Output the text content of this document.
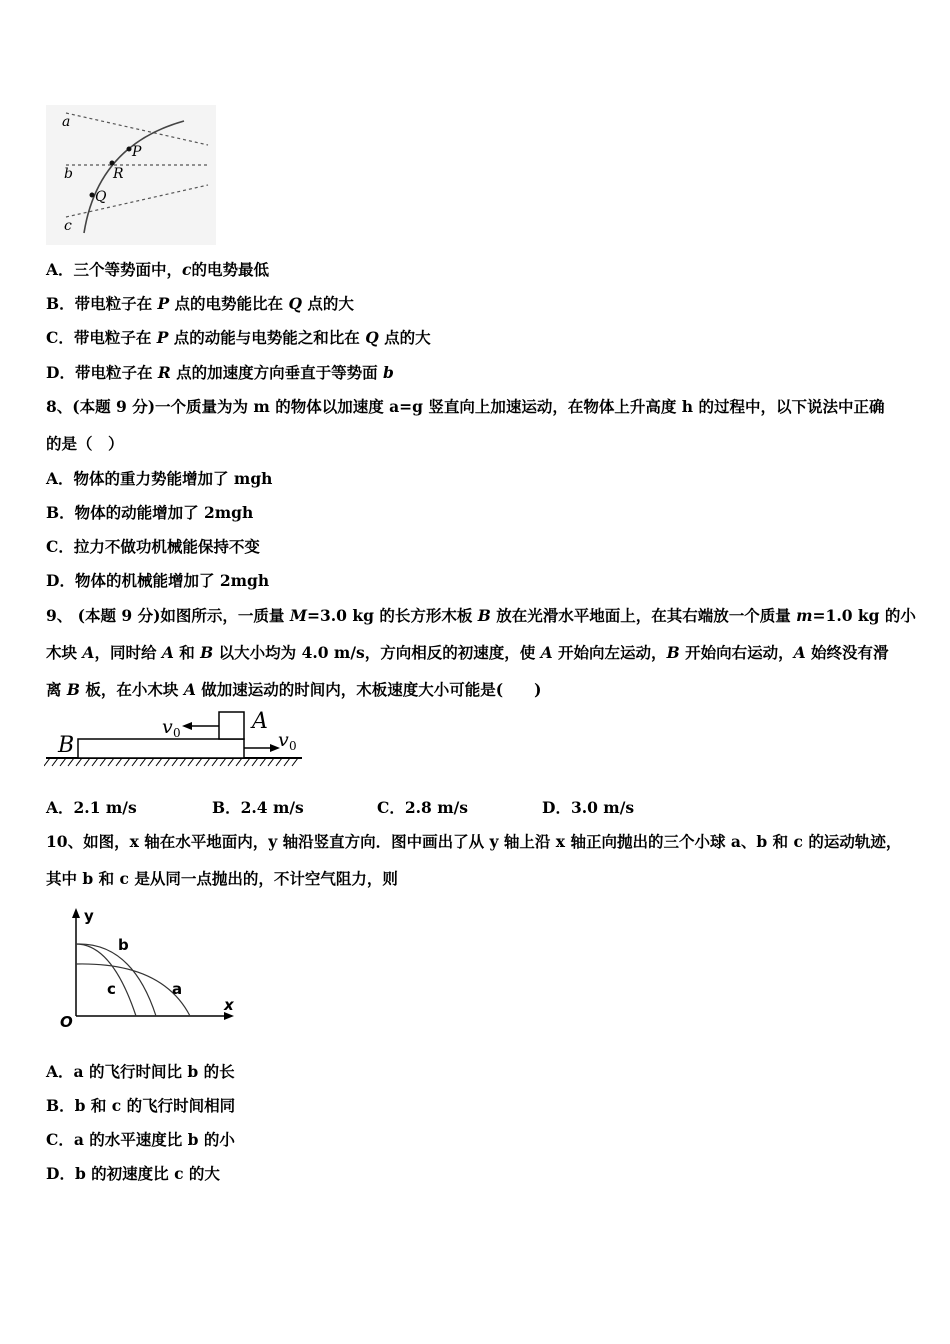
a
b
c
P
R
Q
A．三个等势面中，c的电势最低
B．带电粒子在 P 点的电势能比在 Q 点的大
C．带电粒子在 P 点的动能与电势能之和比在 Q 点的大
D．带电粒子在 R 点的加速度方向垂直于等势面 b
8、(本题 9 分)一个质量为为 m 的物体以加速度 a=g 竖直向上加速运动，在物体上升高度 h 的过程中，以下说法中正确
的是（　）
A．物体的重力势能增加了 mgh
B．物体的动能增加了 2mgh
C．拉力不做功机械能保持不变
D．物体的机械能增加了 2mgh
9、 (本题 9 分)如图所示，一质量 M=3.0 kg 的长方形木板 B 放在光滑水平地面上，在其右端放一个质量 m=1.0 kg 的小
木块 A，同时给 A 和 B 以大小均为 4.0 m/s，方向相反的初速度，使 A 开始向左运动，B 开始向右运动，A 始终没有滑
离 B 板，在小木块 A 做加速运动的时间内，木板速度大小可能是(　　)
B
A
v 0	v 0
A．2.1 m/s	B．2.4 m/s	C．2.8 m/s	D．3.0 m/s
10、如图，x 轴在水平地面内，y 轴沿竖直方向．图中画出了从 y 轴上沿 x 轴正向抛出的三个小球 a、b 和 c 的运动轨迹，
其中 b 和 c 是从同一点抛出的，不计空气阻力，则
y
x
O
b
c	a
A．a 的飞行时间比 b 的长
B．b 和 c 的飞行时间相同
C．a 的水平速度比 b 的小
D．b 的初速度比 c 的大
